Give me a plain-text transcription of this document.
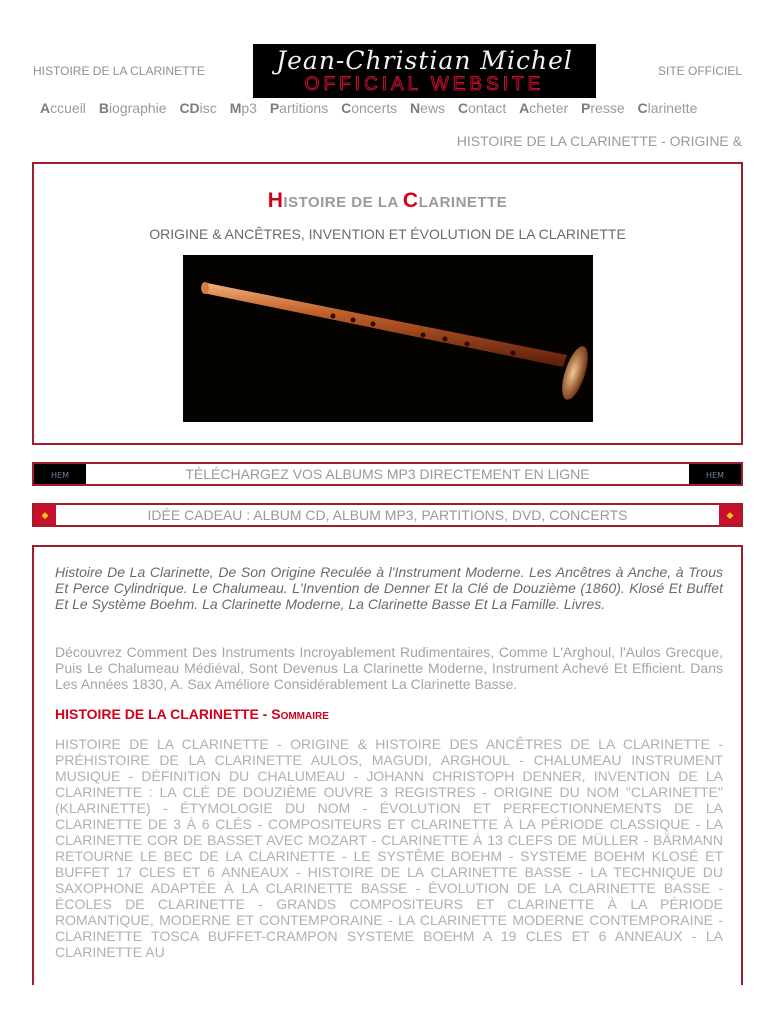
HISTOIRE DE LA CLARINETTE	Jean-Christian Michel
OFFICIAL WEBSITE
SITE OFFICIEL
Accueil Biographie CDisc Mp3 Partitions Concerts News Contact Acheter Presse Clarinette
HISTOIRE DE LA CLARINETTE - ORIGINE &
HISTOIRE DE LA CLARINETTE
ORIGINE & ANCÊTRES, INVENTION ET ÉVOLUTION DE LA CLARINETTE
HEM	TÉLÉCHARGEZ VOS ALBUMS MP3 DIRECTEMENT EN LIGNE	HEM
◆	IDÉE CADEAU : ALBUM CD, ALBUM MP3, PARTITIONS, DVD, CONCERTS	◆

Histoire De La Clarinette, De Son Origine Reculée à l'Instrument Moderne. Les Ancêtres à Anche, à Trous Et Perce Cylindrique. Le Chalumeau. L'Invention de Denner Et la Clé de Douzième (1860). Klosé Et Buffet Et Le Système Boehm. La Clarinette Moderne, La Clarinette Basse Et La Famille. Livres.

Découvrez Comment Des Instruments Incroyablement Rudimentaires, Comme L'Arghoul, l'Aulos Grecque, Puis Le Chalumeau Médiéval, Sont Devenus La Clarinette Moderne, Instrument Achevé Et Efficient. Dans Les Années 1830, A. Sax Améliore Considérablement La Clarinette Basse.

HISTOIRE DE LA CLARINETTE - Sommaire

HISTOIRE DE LA CLARINETTE - ORIGINE & HISTOIRE DES ANCÊTRES DE LA CLARINETTE - PRÉHISTOIRE DE LA CLARINETTE AULOS, MAGUDI, ARGHOUL - CHALUMEAU INSTRUMENT MUSIQUE - DÉFINITION DU CHALUMEAU - JOHANN CHRISTOPH DENNER, INVENTION DE LA CLARINETTE : LA CLÉ DE DOUZIÈME OUVRE 3 REGISTRES - ORIGINE DU NOM "CLARINETTE" (KLARINETTE) - ÉTYMOLOGIE DU NOM - ÉVOLUTION ET PERFECTIONNEMENTS DE LA CLARINETTE DE 3 À 6 CLÉS - COMPOSITEURS ET CLARINETTE À LA PÉRIODE CLASSIQUE - LA CLARINETTE COR DE BASSET AVEC MOZART - CLARINETTE À 13 CLEFS DE MÜLLER - BÄRMANN RETOURNE LE BEC DE LA CLARINETTE - LE SYSTÊME BOEHM - SYSTEME BOEHM KLOSÉ ET BUFFET 17 CLES ET 6 ANNEAUX - HISTOIRE DE LA CLARINETTE BASSE - LA TECHNIQUE DU SAXOPHONE ADAPTÉE À LA CLARINETTE BASSE - ÉVOLUTION DE LA CLARINETTE BASSE - ÉCOLES DE CLARINETTE - GRANDS COMPOSITEURS ET CLARINETTE À LA PÉRIODE ROMANTIQUE, MODERNE ET CONTEMPORAINE - LA CLARINETTE MODERNE CONTEMPORAINE - CLARINETTE TOSCA BUFFET-CRAMPON SYSTEME BOEHM A 19 CLES ET 6 ANNEAUX - LA CLARINETTE AU
